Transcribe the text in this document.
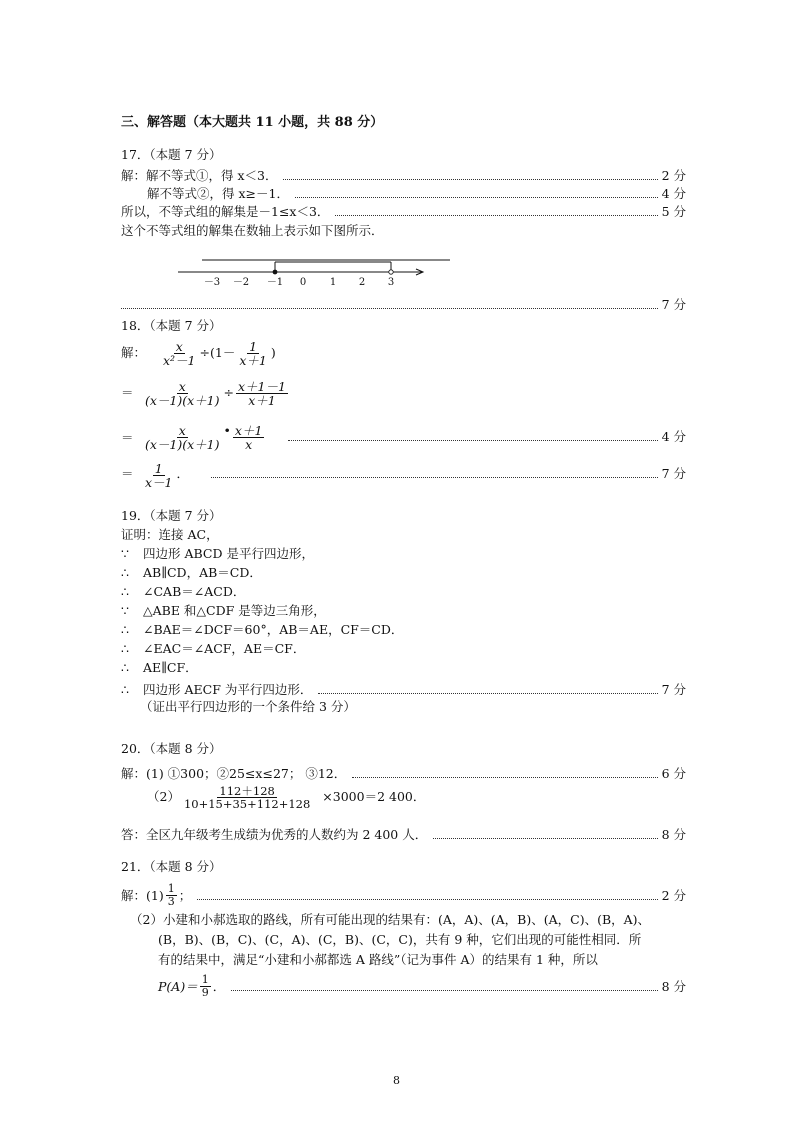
三、解答题（本大题共 11 小题，共 88 分）
17．（本题 7 分）
解：解不等式①，得 x＜3．	2 分
解不等式②，得 x≥－1．	4 分
所以，不等式组的解集是－1≤x＜3．	5 分
这个不等式组的解集在数轴上表示如下图所示．
－3 －2 －1 0 1 2 3
7 分
18．（本题 7 分）
解：	$\frac{x}{\text{x²－1}} \div (1- \frac{1}{x+1}$ )
＝ $\frac{x}{(x-1)(x+1)} \div \frac{x+1-1}{x+1}$
＝ $\frac{x}{(x-1)(x+1)}$ • $\frac{x+1}{x}$	4 分
＝ $\frac{1}{x-1}$ ．	7 分
19．（本题 7 分）
证明：连接 AC，
∵ 四边形 ABCD 是平行四边形，
∴ AB∥CD，AB＝CD．
∴ ∠CAB＝∠ACD．
∵ △ABE 和△CDF 是等边三角形，
∴ ∠BAE＝∠DCF＝60°，AB＝AE，CF＝CD．
∴ ∠EAC＝∠ACF，AE＝CF．
∴ AE∥CF．
∴ 四边形 AECF 为平行四边形．	7 分
（证出平行四边形的一个条件给 3 分）
20．（本题 8 分）
解：(1) ①300；②25≤x≤27； ③12．	6 分
$(2) \frac{112+128}{10+15+35+112+128} \times 3000=2$ 400．
答：全区九年级考生成绩为优秀的人数约为 2 400 人．	8 分
21．（本题 8 分）
解：$(1) \frac{1}{3}$ ；	2 分
（2）小建和小郝选取的路线，所有可能出现的结果有：(A，A)、(A，B)、(A，C)、(B，A)、
(B，B)、(B，C)、(C，A)、(C，B)、(C，C)，共有 9 种，它们出现的可能性相同．所
有的结果中，满足“小建和小郝都选 A 路线”（记为事件 A）的结果有 1 种，所以
$P(A)= \frac{1}{9}$ ．	8 分
8
